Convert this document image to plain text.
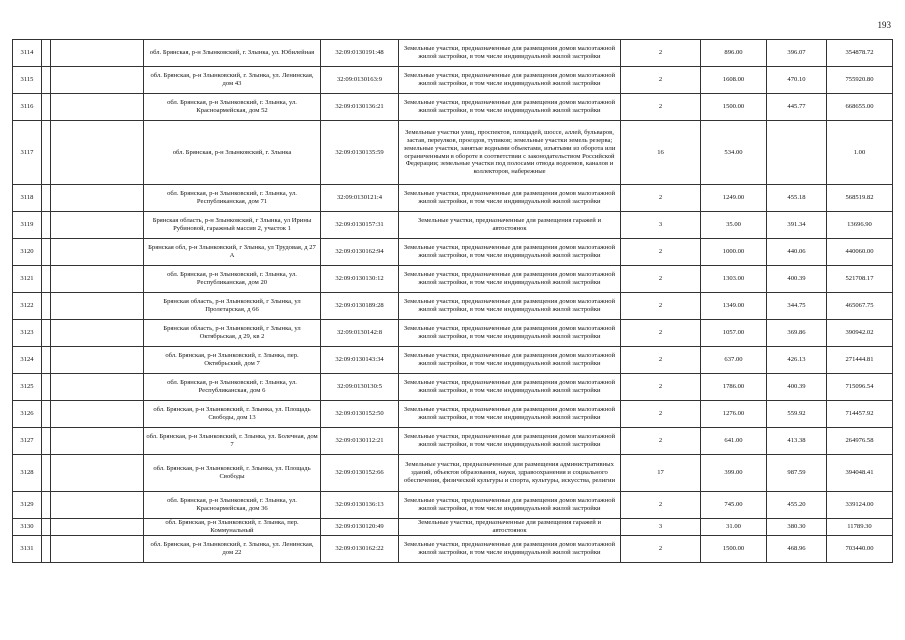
193
3114			обл. Брянская, р-н Злынковский, г. Злынка, ул. Юбилейная	32:09:0130191:48	Земельные участки, предназначенные для размещения домов малоэтажной жилой застройки, в том числе индивидуальной жилой застройки	2	896.00	396.07	354878.72
3115			обл. Брянская, р-н Злынковский, г. Злынка, ул. Ленинская, дом 43	32:09:0130163:9	Земельные участки, предназначенные для размещения домов малоэтажной жилой застройки, в том числе индивидуальной жилой застройки	2	1608.00	470.10	755920.80
3116			обл. Брянская, р-н Злынковский, г. Злынка, ул. Красноармейская, дом 52	32:09:0130136:21	Земельные участки, предназначенные для размещения домов малоэтажной жилой застройки, в том числе индивидуальной жилой застройки	2	1500.00	445.77	668655.00
3117			обл. Брянская, р-н Злынковский, г. Злынка	32:09:0130135:59	Земельные участки улиц, проспектов, площадей, шоссе, аллей, бульваров, застав, переулков, проездов, тупиков; земельные участки земель резерва; земельные участки, занятые водными объектами, изъятыми из оборота или ограниченными в обороте в соответствии с законодательством Российской Федерации; земельные участки под полосами отвода водоемов, каналов и коллекторов, набережные	16	534.00		1.00
3118			обл. Брянская, р-н Злынковский, г. Злынка, ул. Республиканская, дом 71	32:09:0130121:4	Земельные участки, предназначенные для размещения домов малоэтажной жилой застройки, в том числе индивидуальной жилой застройки	2	1249.00	455.18	568519.82
3119			Брянская область, р-н Злынковский, г Злынка, ул Ирины Рубиновой, гаражный массив 2, участок 1	32:09:0130157:31	Земельные участки, предназначенные для размещения гаражей и автостоянок	3	35.00	391.34	13696.90
3120			Брянская обл, р-н Злынковский, г Злынка, ул Трудовая, д 27 А	32:09:0130162:94	Земельные участки, предназначенные для размещения домов малоэтажной жилой застройки, в том числе индивидуальной жилой застройки	2	1000.00	440.06	440060.00
3121			обл. Брянская, р-н Злынковский, г. Злынка, ул. Республиканская, дом 20	32:09:0130130:12	Земельные участки, предназначенные для размещения домов малоэтажной жилой застройки, в том числе индивидуальной жилой застройки	2	1303.00	400.39	521708.17
3122			Брянская область, р-н Злынковский, г Злынка, ул Пролетарская, д 66	32:09:0130189:28	Земельные участки, предназначенные для размещения домов малоэтажной жилой застройки, в том числе индивидуальной жилой застройки	2	1349.00	344.75	465067.75
3123			Брянская область, р-н Злынковский, г Злынка, ул Октябрьская, д 29, кв 2	32:09:0130142:8	Земельные участки, предназначенные для размещения домов малоэтажной жилой застройки, в том числе индивидуальной жилой застройки	2	1057.00	369.86	390942.02
3124			обл. Брянская, р-н Злынковский, г. Злынка, пер. Октябрьский, дом 7	32:09:0130143:34	Земельные участки, предназначенные для размещения домов малоэтажной жилой застройки, в том числе индивидуальной жилой застройки	2	637.00	426.13	271444.81
3125			обл. Брянская, р-н Злынковский, г. Злынка, ул. Республиканская, дом 6	32:09:0130130:5	Земельные участки, предназначенные для размещения домов малоэтажной жилой застройки, в том числе индивидуальной жилой застройки	2	1786.00	400.39	715096.54
3126			обл. Брянская, р-н Злынковский, г. Злынка, ул. Площадь Свободы, дом 13	32:09:0130152:50	Земельные участки, предназначенные для размещения домов малоэтажной жилой застройки, в том числе индивидуальной жилой застройки	2	1276.00	559.92	714457.92
3127			обл. Брянская, р-н Злынковский, г. Злынка, ул. Болечная, дом 7	32:09:0130112:21	Земельные участки, предназначенные для размещения домов малоэтажной жилой застройки, в том числе индивидуальной жилой застройки	2	641.00	413.38	264976.58
3128			обл. Брянская, р-н Злынковский, г. Злынка, ул. Площадь Свободы	32:09:0130152:66	Земельные участки, предназначенные для размещения административных зданий, объектов образования, науки, здравоохранения и социального обеспечения, физической культуры и спорта, культуры, искусства, религии	17	399.00	987.59	394048.41
3129			обл. Брянская, р-н Злынковский, г. Злынка, ул. Красноармейская, дом 36	32:09:0130136:13	Земельные участки, предназначенные для размещения домов малоэтажной жилой застройки, в том числе индивидуальной жилой застройки	2	745.00	455.20	339124.00
3130			обл. Брянская, р-н Злынковский, г. Злынка, пер. Коммунальный	32:09:0130120:49	Земельные участки, предназначенные для размещения гаражей и автостоянок	3	31.00	380.30	11789.30
3131			обл. Брянская, р-н Злынковский, г. Злынка, ул. Ленинская, дом 22	32:09:0130162:22	Земельные участки, предназначенные для размещения домов малоэтажной жилой застройки, в том числе индивидуальной жилой застройки	2	1500.00	468.96	703440.00
